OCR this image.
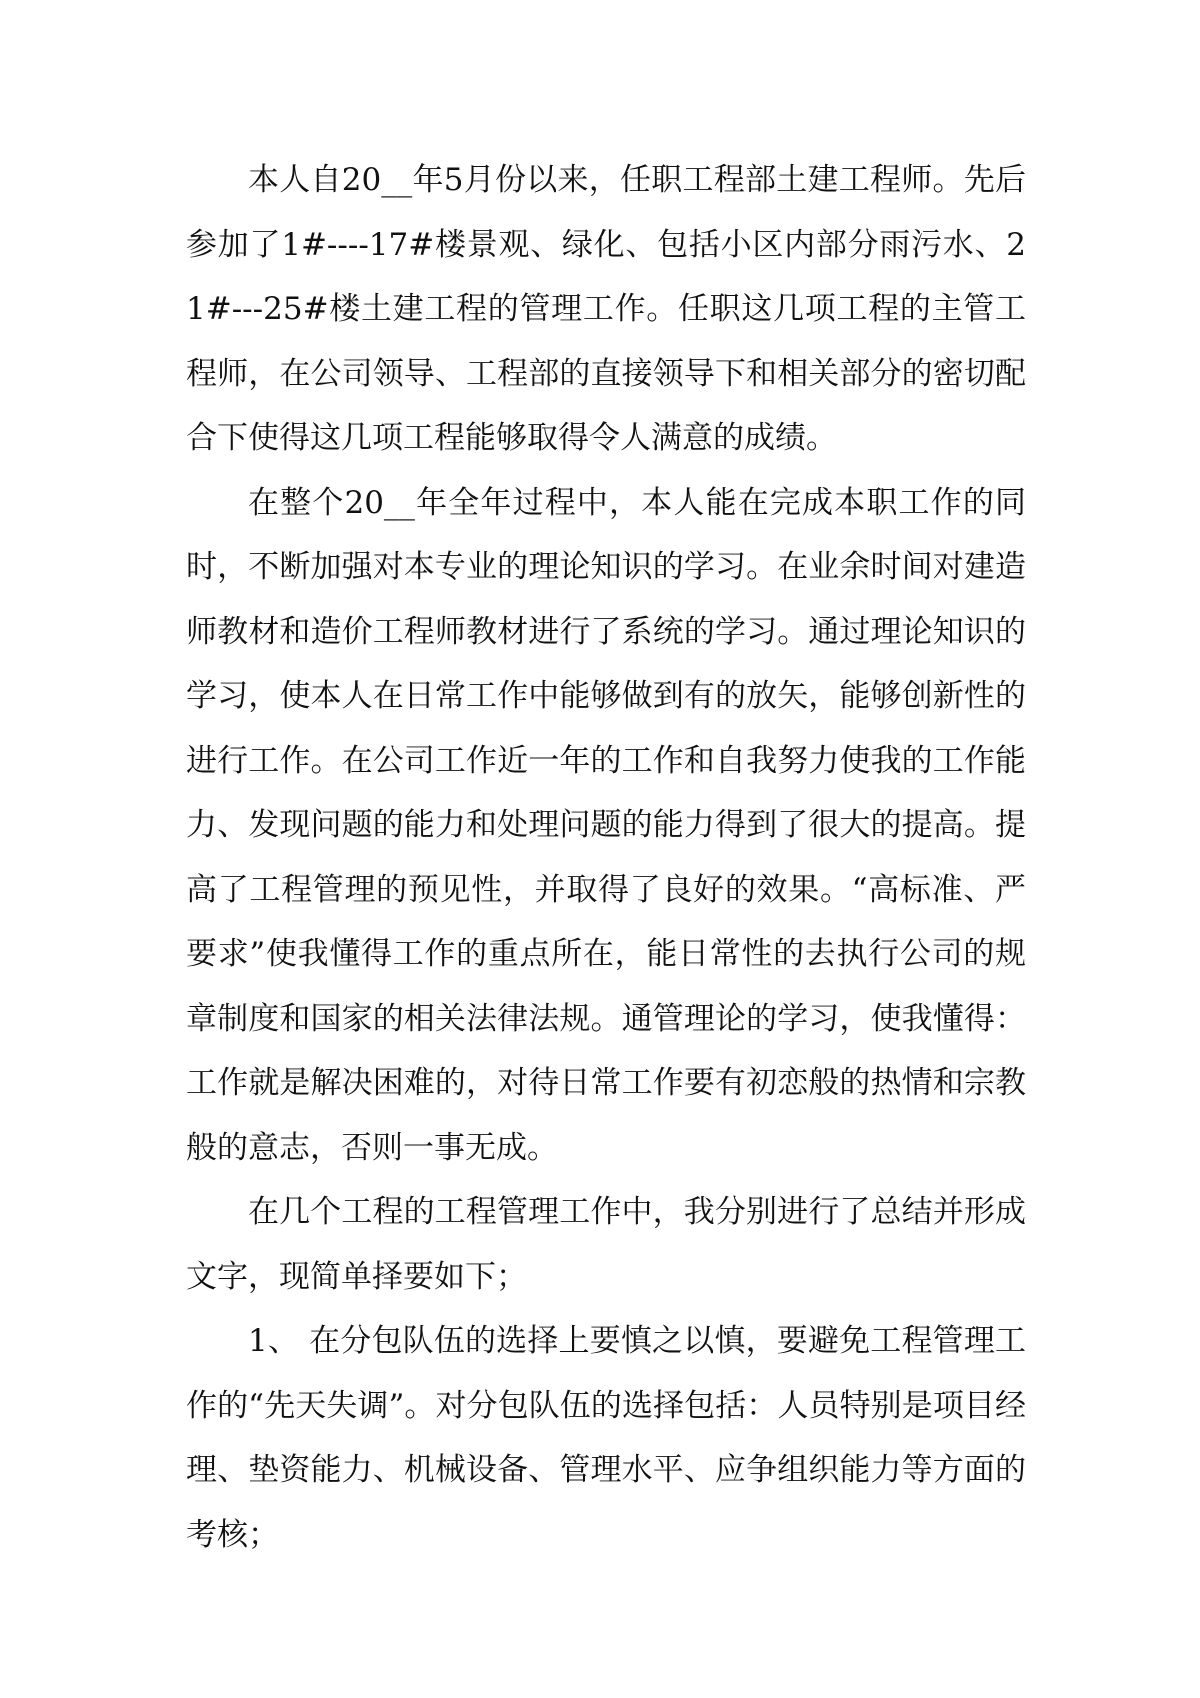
本人自20__年5月份以来，任职工程部土建工程师。先后参加了1#----17#楼景观、绿化、包括小区内部分雨污水、21#---25#楼土建工程的管理工作。任职这几项工程的主管工程师，在公司领导、工程部的直接领导下和相关部分的密切配合下使得这几项工程能够取得令人满意的成绩。

在整个20__年全年过程中，本人能在完成本职工作的同时，不断加强对本专业的理论知识的学习。在业余时间对建造师教材和造价工程师教材进行了系统的学习。通过理论知识的学习，使本人在日常工作中能够做到有的放矢，能够创新性的进行工作。在公司工作近一年的工作和自我努力使我的工作能力、发现问题的能力和处理问题的能力得到了很大的提高。提高了工程管理的预见性，并取得了良好的效果。“高标准、严要求”使我懂得工作的重点所在，能日常性的去执行公司的规章制度和国家的相关法律法规。通管理论的学习，使我懂得：工作就是解决困难的，对待日常工作要有初恋般的热情和宗教般的意志，否则一事无成。

在几个工程的工程管理工作中，我分别进行了总结并形成文字，现简单择要如下；

1、 在分包队伍的选择上要慎之以慎，要避免工程管理工作的“先天失调”。对分包队伍的选择包括：人员特别是项目经理、垫资能力、机械设备、管理水平、应争组织能力等方面的考核；
